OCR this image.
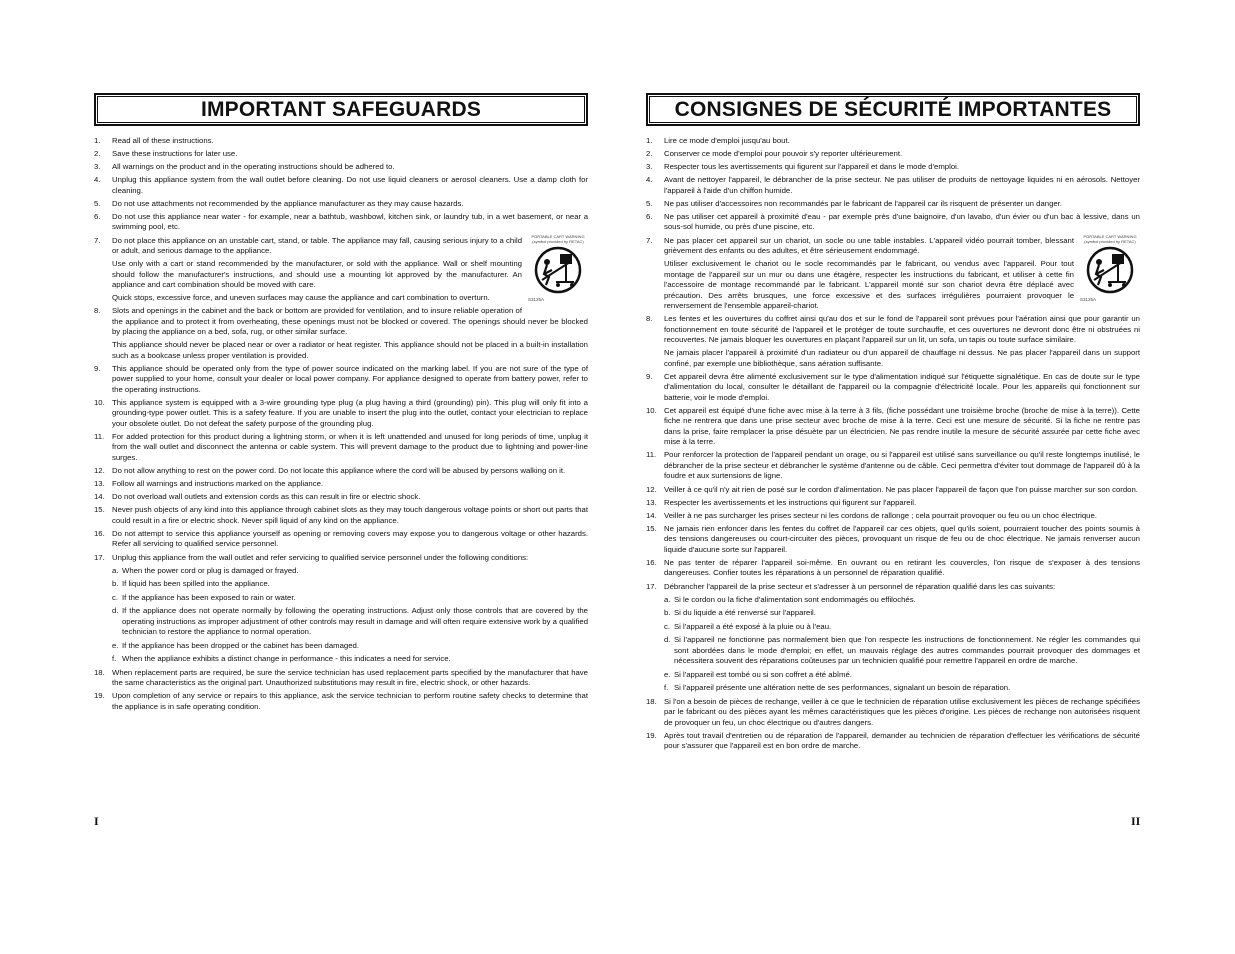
IMPORTANT SAFEGUARDS
1.	Read all of these instructions.

2.	Save these instructions for later use.

3.	All warnings on the product and in the operating instructions should be adhered to.

4.	Unplug this appliance system from the wall outlet before cleaning. Do not use liquid cleaners or aerosol cleaners. Use a damp cloth for cleaning.

5.	Do not use attachments not recommended by the appliance manufacturer as they may cause hazards.

6.	Do not use this appliance near water - for example, near a bathtub, washbowl, kitchen sink, or laundry tub, in a wet basement, or near a swimming pool, etc.

7.	PORTABLE CART WARNING (symbol provided by RETAC)
S3125A

Do not place this appliance on an unstable cart, stand, or table. The appliance may fall, causing serious injury to a child or adult, and serious damage to the appliance.

Use only with a cart or stand recommended by the manufacturer, or sold with the appliance. Wall or shelf mounting should follow the manufacturer's instructions, and should use a mounting kit approved by the manufacturer. An appliance and cart combination should be moved with care.

Quick stops, excessive force, and uneven surfaces may cause the appliance and cart combination to overturn.

8.	Slots and openings in the cabinet and the back or bottom are provided for ventilation, and to insure reliable operation of the appliance and to protect it from overheating, these openings must not be blocked or covered. The openings should never be blocked by placing the appliance on a bed, sofa, rug, or other similar surface.

This appliance should never be placed near or over a radiator or heat register. This appliance should not be placed in a built-in installation such as a bookcase unless proper ventilation is provided.

9.	This appliance should be operated only from the type of power source indicated on the marking label. If you are not sure of the type of power supplied to your home, consult your dealer or local power company. For appliance designed to operate from battery power, refer to the operating instructions.

10. This appliance system is equipped with a 3-wire grounding type plug (a plug having a third (grounding) pin). This plug will only fit into a grounding-type power outlet. This is a safety feature. If you are unable to insert the plug into the outlet, contact your electrician to replace your obsolete outlet. Do not defeat the safety purpose of the grounding plug.

11.	For added protection for this product during a lightning storm, or when it is left unattended and unused for long periods of time, unplug it from the wall outlet and disconnect the antenna or cable system. This will prevent damage to the product due to lightning and power-line surges.

12. Do not allow anything to rest on the power cord. Do not locate this appliance where the cord will be abused by persons walking on it.

13. Follow all warnings and instructions marked on the appliance.

14. Do not overload wall outlets and extension cords as this can result in fire or electric shock.

15. Never push objects of any kind into this appliance through cabinet slots as they may touch dangerous voltage points or short out parts that could result in a fire or electric shock. Never spill liquid of any kind on the appliance.

16. Do not attempt to service this appliance yourself as opening or removing covers may expose you to dangerous voltage or other hazards. Refer all servicing to qualified service personnel.

17. Unplug this appliance from the wall outlet and refer servicing to qualified service personnel under the following conditions:

a. When the power cord or plug is damaged or frayed.
b. If liquid has been spilled into the appliance.
c. If the appliance has been exposed to rain or water.
d. If the appliance does not operate normally by following the operating instructions. Adjust only those controls that are covered by the operating instructions as improper adjustment of other controls may result in damage and will often require extensive work by a qualified technician to restore the appliance to normal operation.
e. If the appliance has been dropped or the cabinet has been damaged.
f. When the appliance exhibits a distinct change in performance - this indicates a need for service.
18. When replacement parts are required, be sure the service technician has used replacement parts specified by the manufacturer that have the same characteristics as the original part. Unauthorized substitutions may result in fire, electric shock, or other hazards.

19. Upon completion of any service or repairs to this appliance, ask the service technician to perform routine safety checks to determine that the appliance is in safe operating condition.

CONSIGNES DE SÉCURITÉ IMPORTANTES
1.	Lire ce mode d'emploi jusqu'au bout.

2.	Conserver ce mode d'emploi pour pouvoir s'y reporter ultérieurement.

3.	Respecter tous les avertissements qui figurent sur l'appareil et dans le mode d'emploi.

4.	Avant de nettoyer l'appareil, le débrancher de la prise secteur. Ne pas utiliser de produits de nettoyage liquides ni en aérosols. Nettoyer l'appareil à l'aide d'un chiffon humide.

5.	Ne pas utiliser d'accessoires non recommandés par le fabricant de l'appareil car ils risquent de présenter un danger.

6.	Ne pas utiliser cet appareil à proximité d'eau - par exemple près d'une baignoire, d'un lavabo, d'un évier ou d'un bac à lessive, dans un sous-sol humide, ou près d'une piscine, etc.

7.	PORTABLE CART WARNING (symbol provided by RETAC)
S3125A

Ne pas placer cet appareil sur un chariot, un socle ou une table instables. L'appareil vidéo pourrait tomber, blessant grièvement des enfants ou des adultes, et être sérieusement endommagé.

Utiliser exclusivement le chariot ou le socle recommandés par le fabricant, ou vendus avec l'appareil. Pour tout montage de l'appareil sur un mur ou dans une étagère, respecter les instructions du fabricant, et utiliser à cette fin l'accessoire de montage recommandé par le fabricant. L'appareil monté sur son chariot devra être déplacé avec précaution. Des arrêts brusques, une force excessive et des surfaces irrégulières pourraient provoquer le renversement de l'ensemble appareil-chariot.

8.	Les fentes et les ouvertures du coffret ainsi qu'au dos et sur le fond de l'appareil sont prévues pour l'aération ainsi que pour garantir un fonctionnement en toute sécurité de l'appareil et le protéger de toute surchauffe, et ces ouvertures ne devront donc être ni obstruées ni recouvertes. Ne jamais bloquer les ouvertures en plaçant l'appareil sur un lit, un sofa, un tapis ou toute surface similaire.

Ne jamais placer l'appareil à proximité d'un radiateur ou d'un appareil de chauffage ni dessus. Ne pas placer l'appareil dans un support confiné, par exemple une bibliothèque, sans aération suffisante.

9.	Cet appareil devra être alimenté exclusivement sur le type d'alimentation indiqué sur l'étiquette signalétique. En cas de doute sur le type d'alimentation du local, consulter le détaillant de l'appareil ou la compagnie d'électricité locale. Pour les appareils qui fonctionnent sur batterie, voir le mode d'emploi.

10. Cet appareil est équipé d'une fiche avec mise à la terre à 3 fils, (fiche possédant une troisième broche (broche de mise à la terre)). Cette fiche ne rentrera que dans une prise secteur avec broche de mise à la terre. Ceci est une mesure de sécurité. Si la fiche ne rentre pas dans la prise, faire remplacer la prise désuète par un électricien. Ne pas rendre inutile la mesure de sécurité assurée par cette fiche avec mise à la terre.

11.	Pour renforcer la protection de l'appareil pendant un orage, ou si l'appareil est utilisé sans surveillance ou qu'il reste longtemps inutilisé, le débrancher de la prise secteur et débrancher le système d'antenne ou de câble. Ceci permettra d'éviter tout dommage de l'appareil dû à la foudre et aux surtensions de ligne.

12. Veiller à ce qu'il n'y ait rien de posé sur le cordon d'alimentation. Ne pas placer l'appareil de façon que l'on puisse marcher sur son cordon.

13. Respecter les avertissements et les instructions qui figurent sur l'appareil.

14. Veiller à ne pas surcharger les prises secteur ni les cordons de rallonge ; cela pourrait provoquer ou feu ou un choc électrique.

15. Ne jamais rien enfoncer dans les fentes du coffret de l'appareil car ces objets, quel qu'ils soient, pourraient toucher des points soumis à des tensions dangereuses ou court-circuiter des pièces, provoquant un risque de feu ou de choc électrique. Ne jamais renverser aucun liquide d'aucune sorte sur l'appareil.

16. Ne pas tenter de réparer l'appareil soi-même. En ouvrant ou en retirant les couvercles, l'on risque de s'exposer à des tensions dangereuses. Confier toutes les réparations à un personnel de réparation qualifié.

17. Débrancher l'appareil de la prise secteur et s'adresser à un personnel de réparation qualifié dans les cas suivants:

a. Si le cordon ou la fiche d'alimentation sont endommagés ou effilochés.
b. Si du liquide a été renversé sur l'appareil.
c. Si l'appareil a été exposé à la pluie ou à l'eau.
d. Si l'appareil ne fonctionne pas normalement bien que l'on respecte les instructions de fonctionnement. Ne régler les commandes qui sont abordées dans le mode d'emploi; en effet, un mauvais réglage des autres commandes pourrait provoquer des dommages et nécessitera souvent des réparations coûteuses par un technicien qualifié pour remettre l'appareil en ordre de marche.
e. Si l'appareil est tombé ou si son coffret a été abîmé.
f. Si l'appareil présente une altération nette de ses performances, signalant un besoin de réparation.
18. Si l'on a besoin de pièces de rechange, veiller à ce que le technicien de réparation utilise exclusivement les pièces de rechange spécifiées par le fabricant ou des pièces ayant les mêmes caractéristiques que les pièces d'origine. Les pièces de rechange non autorisées risquent de provoquer un feu, un choc électrique ou d'autres dangers.

19. Après tout travail d'entretien ou de réparation de l'appareil, demander au technicien de réparation d'effectuer les vérifications de sécurité pour s'assurer que l'appareil est en bon ordre de marche.

I	II
